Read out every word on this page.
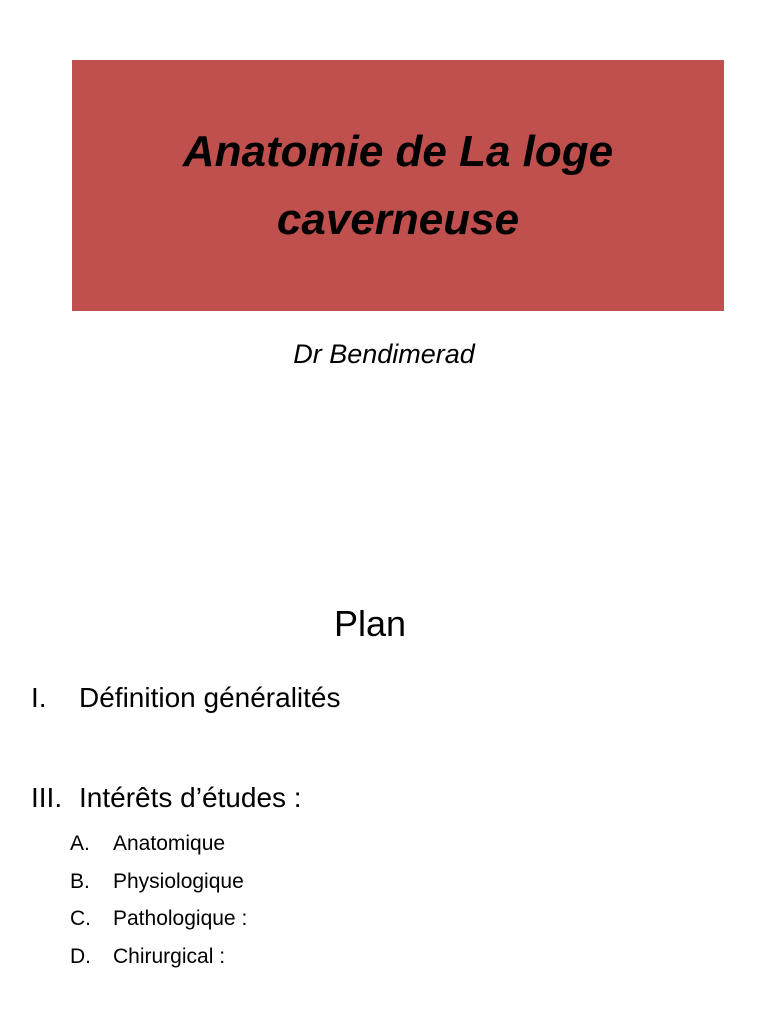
Anatomie de La loge caverneuse

Dr Bendimerad

Plan
I.	Définition généralités
III. Intérêts d’études :
A.	Anatomique
B.	Physiologique
C.	Pathologique :
D.	Chirurgical :
